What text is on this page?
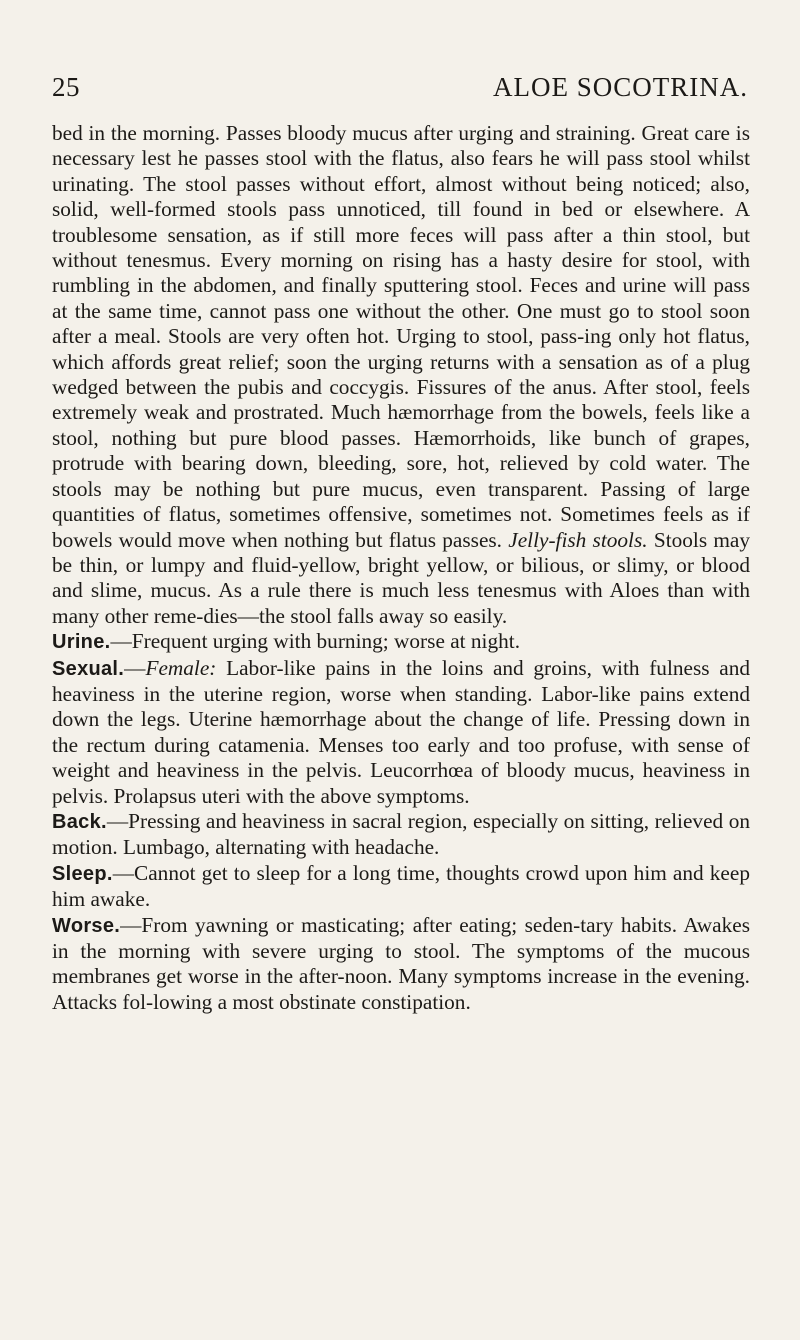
25	ALOE SOCOTRINA.

bed in the morning. Passes bloody mucus after urging and straining. Great care is necessary lest he passes stool with the flatus, also fears he will pass stool whilst urinating. The stool passes without effort, almost without being noticed; also, solid, well-formed stools pass unnoticed, till found in bed or elsewhere. A troublesome sensation, as if still more feces will pass after a thin stool, but without tenesmus. Every morning on rising has a hasty desire for stool, with rumbling in the abdomen, and finally sputtering stool. Feces and urine will pass at the same time, cannot pass one without the other. One must go to stool soon after a meal. Stools are very often hot. Urging to stool, pass-ing only hot flatus, which affords great relief; soon the urging returns with a sensation as of a plug wedged between the pubis and coccygis. Fissures of the anus. After stool, feels extremely weak and prostrated. Much hæmorrhage from the bowels, feels like a stool, nothing but pure blood passes. Hæmorrhoids, like bunch of grapes, protrude with bearing down, bleeding, sore, hot, relieved by cold water. The stools may be nothing but pure mucus, even transparent. Passing of large quantities of flatus, sometimes offensive, sometimes not. Sometimes feels as if bowels would move when nothing but flatus passes. Jelly-fish stools. Stools may be thin, or lumpy and fluid-yellow, bright yellow, or bilious, or slimy, or blood and slime, mucus. As a rule there is much less tenesmus with Aloes than with many other reme-dies—the stool falls away so easily.

Urine.—Frequent urging with burning; worse at night.

Sexual.—Female: Labor-like pains in the loins and groins, with fulness and heaviness in the uterine region, worse when standing. Labor-like pains extend down the legs. Uterine hæmorrhage about the change of life. Pressing down in the rectum during catamenia. Menses too early and too profuse, with sense of weight and heaviness in the pelvis. Leucorrhœa of bloody mucus, heaviness in pelvis. Prolapsus uteri with the above symptoms.

Back.—Pressing and heaviness in sacral region, especially on sitting, relieved on motion. Lumbago, alternating with headache.

Sleep.—Cannot get to sleep for a long time, thoughts crowd upon him and keep him awake.

Worse.—From yawning or masticating; after eating; seden-tary habits. Awakes in the morning with severe urging to stool. The symptoms of the mucous membranes get worse in the after-noon. Many symptoms increase in the evening. Attacks fol-lowing a most obstinate constipation.
